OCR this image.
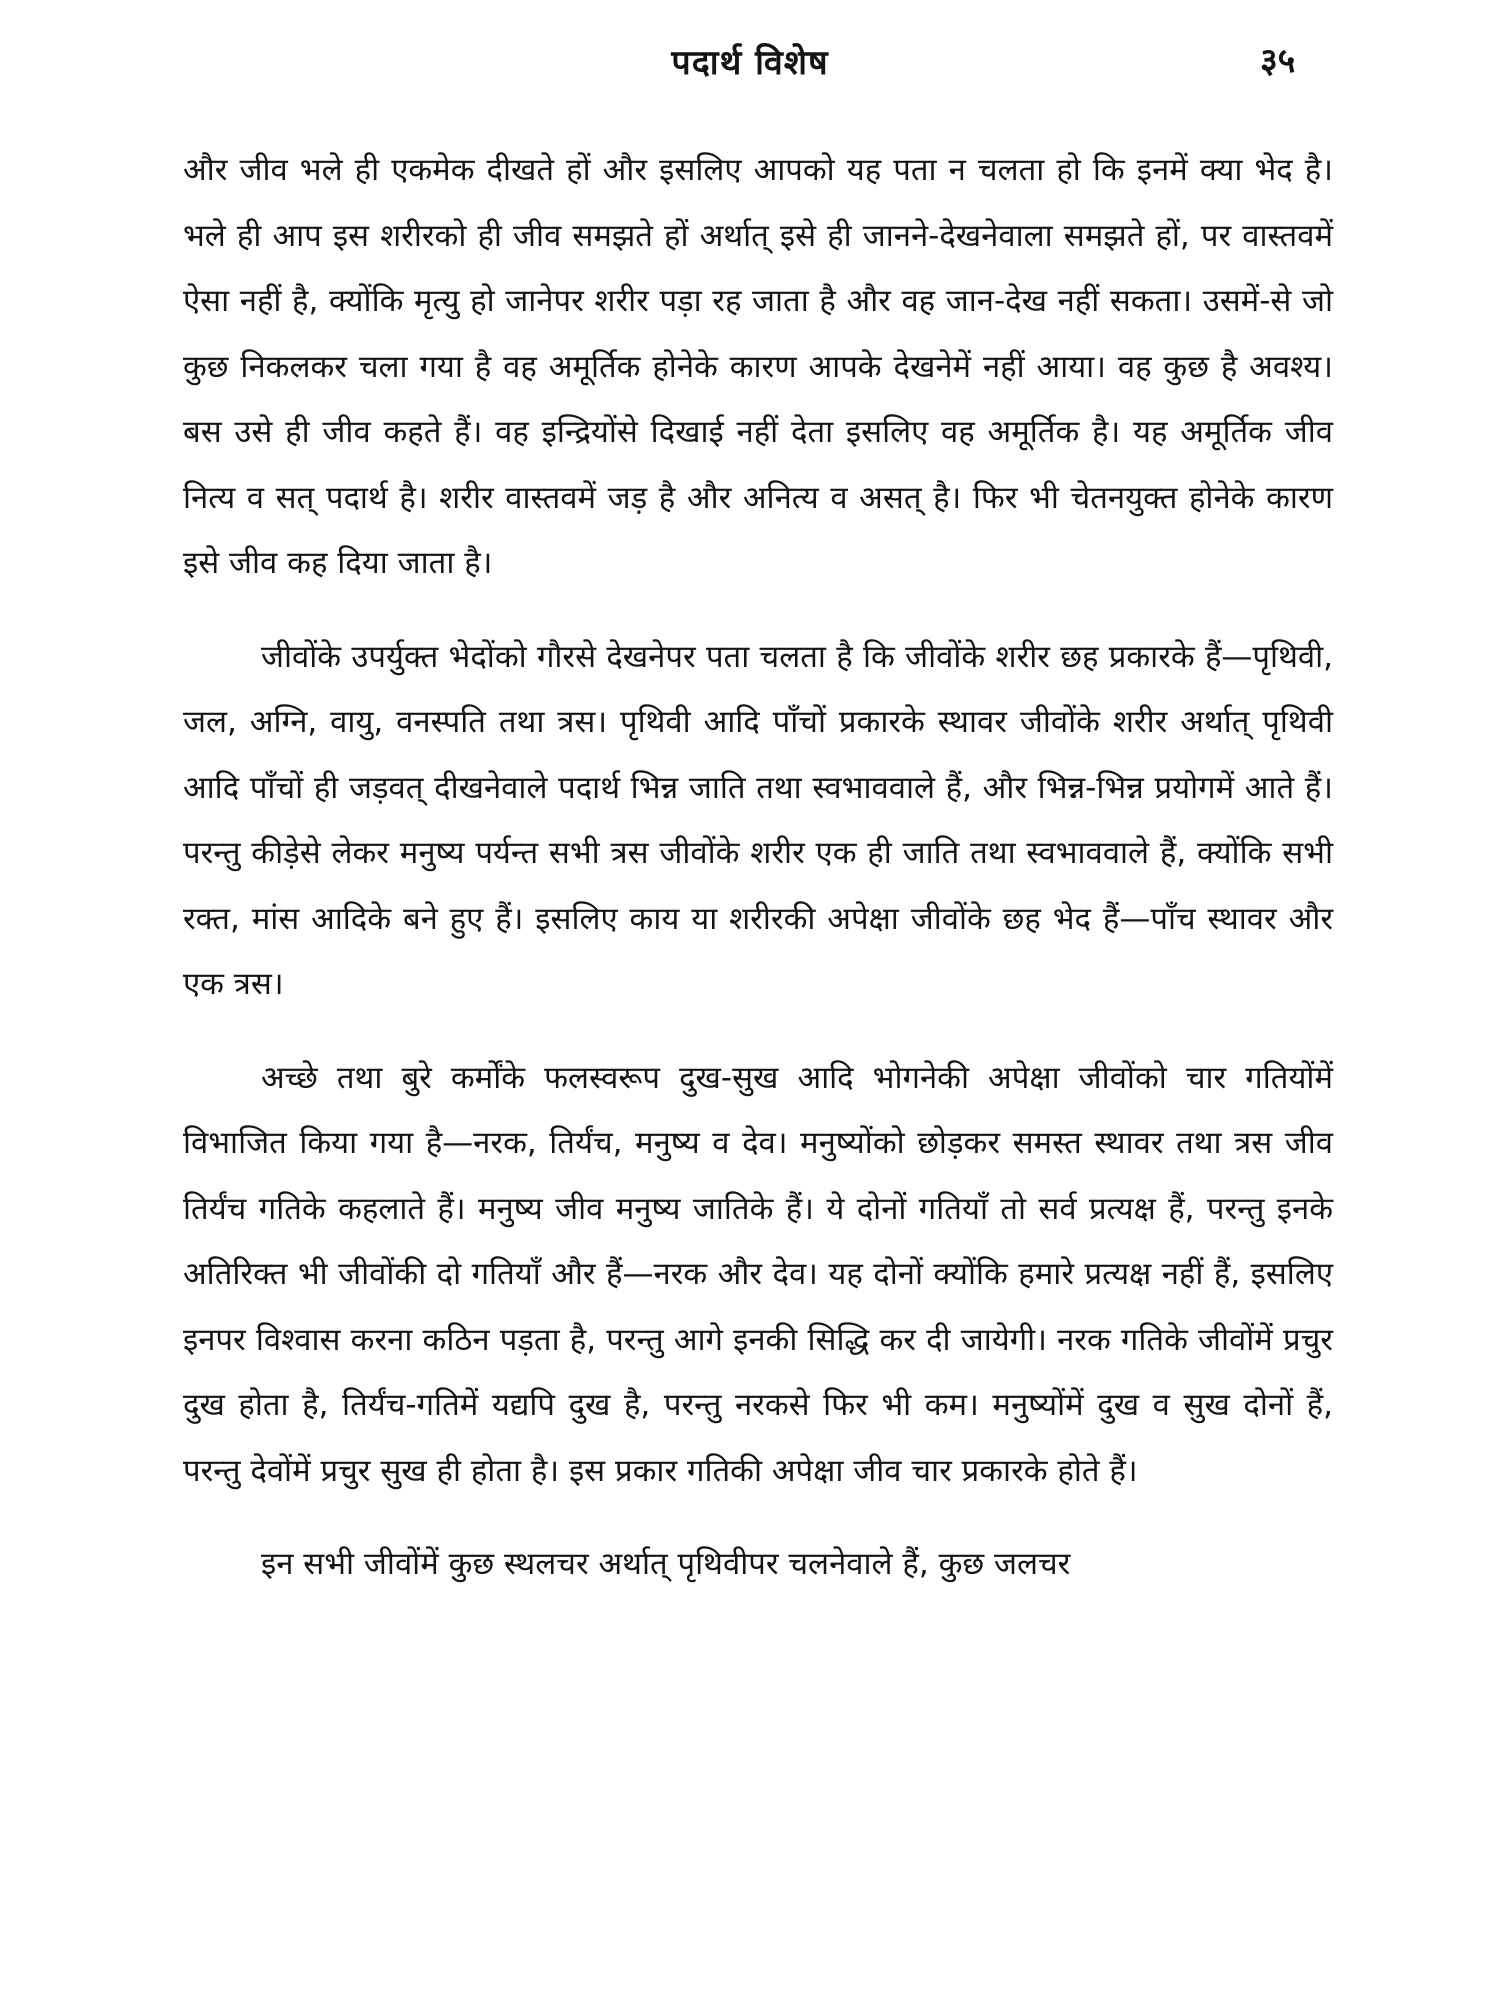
पदार्थ विशेष	३५

और जीव भले ही एकमेक दीखते हों और इसलिए आपको यह पता न चलता हो कि इनमें क्या भेद है। भले ही आप इस शरीरको ही जीव समझते हों अर्थात् इसे ही जानने-देखनेवाला समझते हों, पर वास्तवमें ऐसा नहीं है, क्योंकि मृत्यु हो जानेपर शरीर पड़ा रह जाता है और वह जान-देख नहीं सकता। उसमें-से जो कुछ निकलकर चला गया है वह अमूर्तिक होनेके कारण आपके देखनेमें नहीं आया। वह कुछ है अवश्य। बस उसे ही जीव कहते हैं। वह इन्द्रियोंसे दिखाई नहीं देता इसलिए वह अमूर्तिक है। यह अमूर्तिक जीव नित्य व सत् पदार्थ है। शरीर वास्तवमें जड़ है और अनित्य व असत् है। फिर भी चेतनयुक्त होनेके कारण इसे जीव कह दिया जाता है।

जीवोंके उपर्युक्त भेदोंको गौरसे देखनेपर पता चलता है कि जीवोंके शरीर छह प्रकारके हैं—पृथिवी, जल, अग्नि, वायु, वनस्पति तथा त्रस। पृथिवी आदि पाँचों प्रकारके स्थावर जीवोंके शरीर अर्थात् पृथिवी आदि पाँचों ही जड़वत् दीखनेवाले पदार्थ भिन्न जाति तथा स्वभाववाले हैं, और भिन्न-भिन्न प्रयोगमें आते हैं। परन्तु कीड़ेसे लेकर मनुष्य पर्यन्त सभी त्रस जीवोंके शरीर एक ही जाति तथा स्वभाववाले हैं, क्योंकि सभी रक्त, मांस आदिके बने हुए हैं। इसलिए काय या शरीरकी अपेक्षा जीवोंके छह भेद हैं—पाँच स्थावर और एक त्रस।

अच्छे तथा बुरे कर्मोंके फलस्वरूप दुख-सुख आदि भोगनेकी अपेक्षा जीवोंको चार गतियोंमें विभाजित किया गया है—नरक, तिर्यंच, मनुष्य व देव। मनुष्योंको छोड़कर समस्त स्थावर तथा त्रस जीव तिर्यंच गतिके कहलाते हैं। मनुष्य जीव मनुष्य जातिके हैं। ये दोनों गतियाँ तो सर्व प्रत्यक्ष हैं, परन्तु इनके अतिरिक्त भी जीवोंकी दो गतियाँ और हैं—नरक और देव। यह दोनों क्योंकि हमारे प्रत्यक्ष नहीं हैं, इसलिए इनपर विश्वास करना कठिन पड़ता है, परन्तु आगे इनकी सिद्धि कर दी जायेगी। नरक गतिके जीवोंमें प्रचुर दुख होता है, तिर्यंच-गतिमें यद्यपि दुख है, परन्तु नरकसे फिर भी कम। मनुष्योंमें दुख व सुख दोनों हैं, परन्तु देवोंमें प्रचुर सुख ही होता है। इस प्रकार गतिकी अपेक्षा जीव चार प्रकारके होते हैं।

इन सभी जीवोंमें कुछ स्थलचर अर्थात् पृथिवीपर चलनेवाले हैं, कुछ जलचर
